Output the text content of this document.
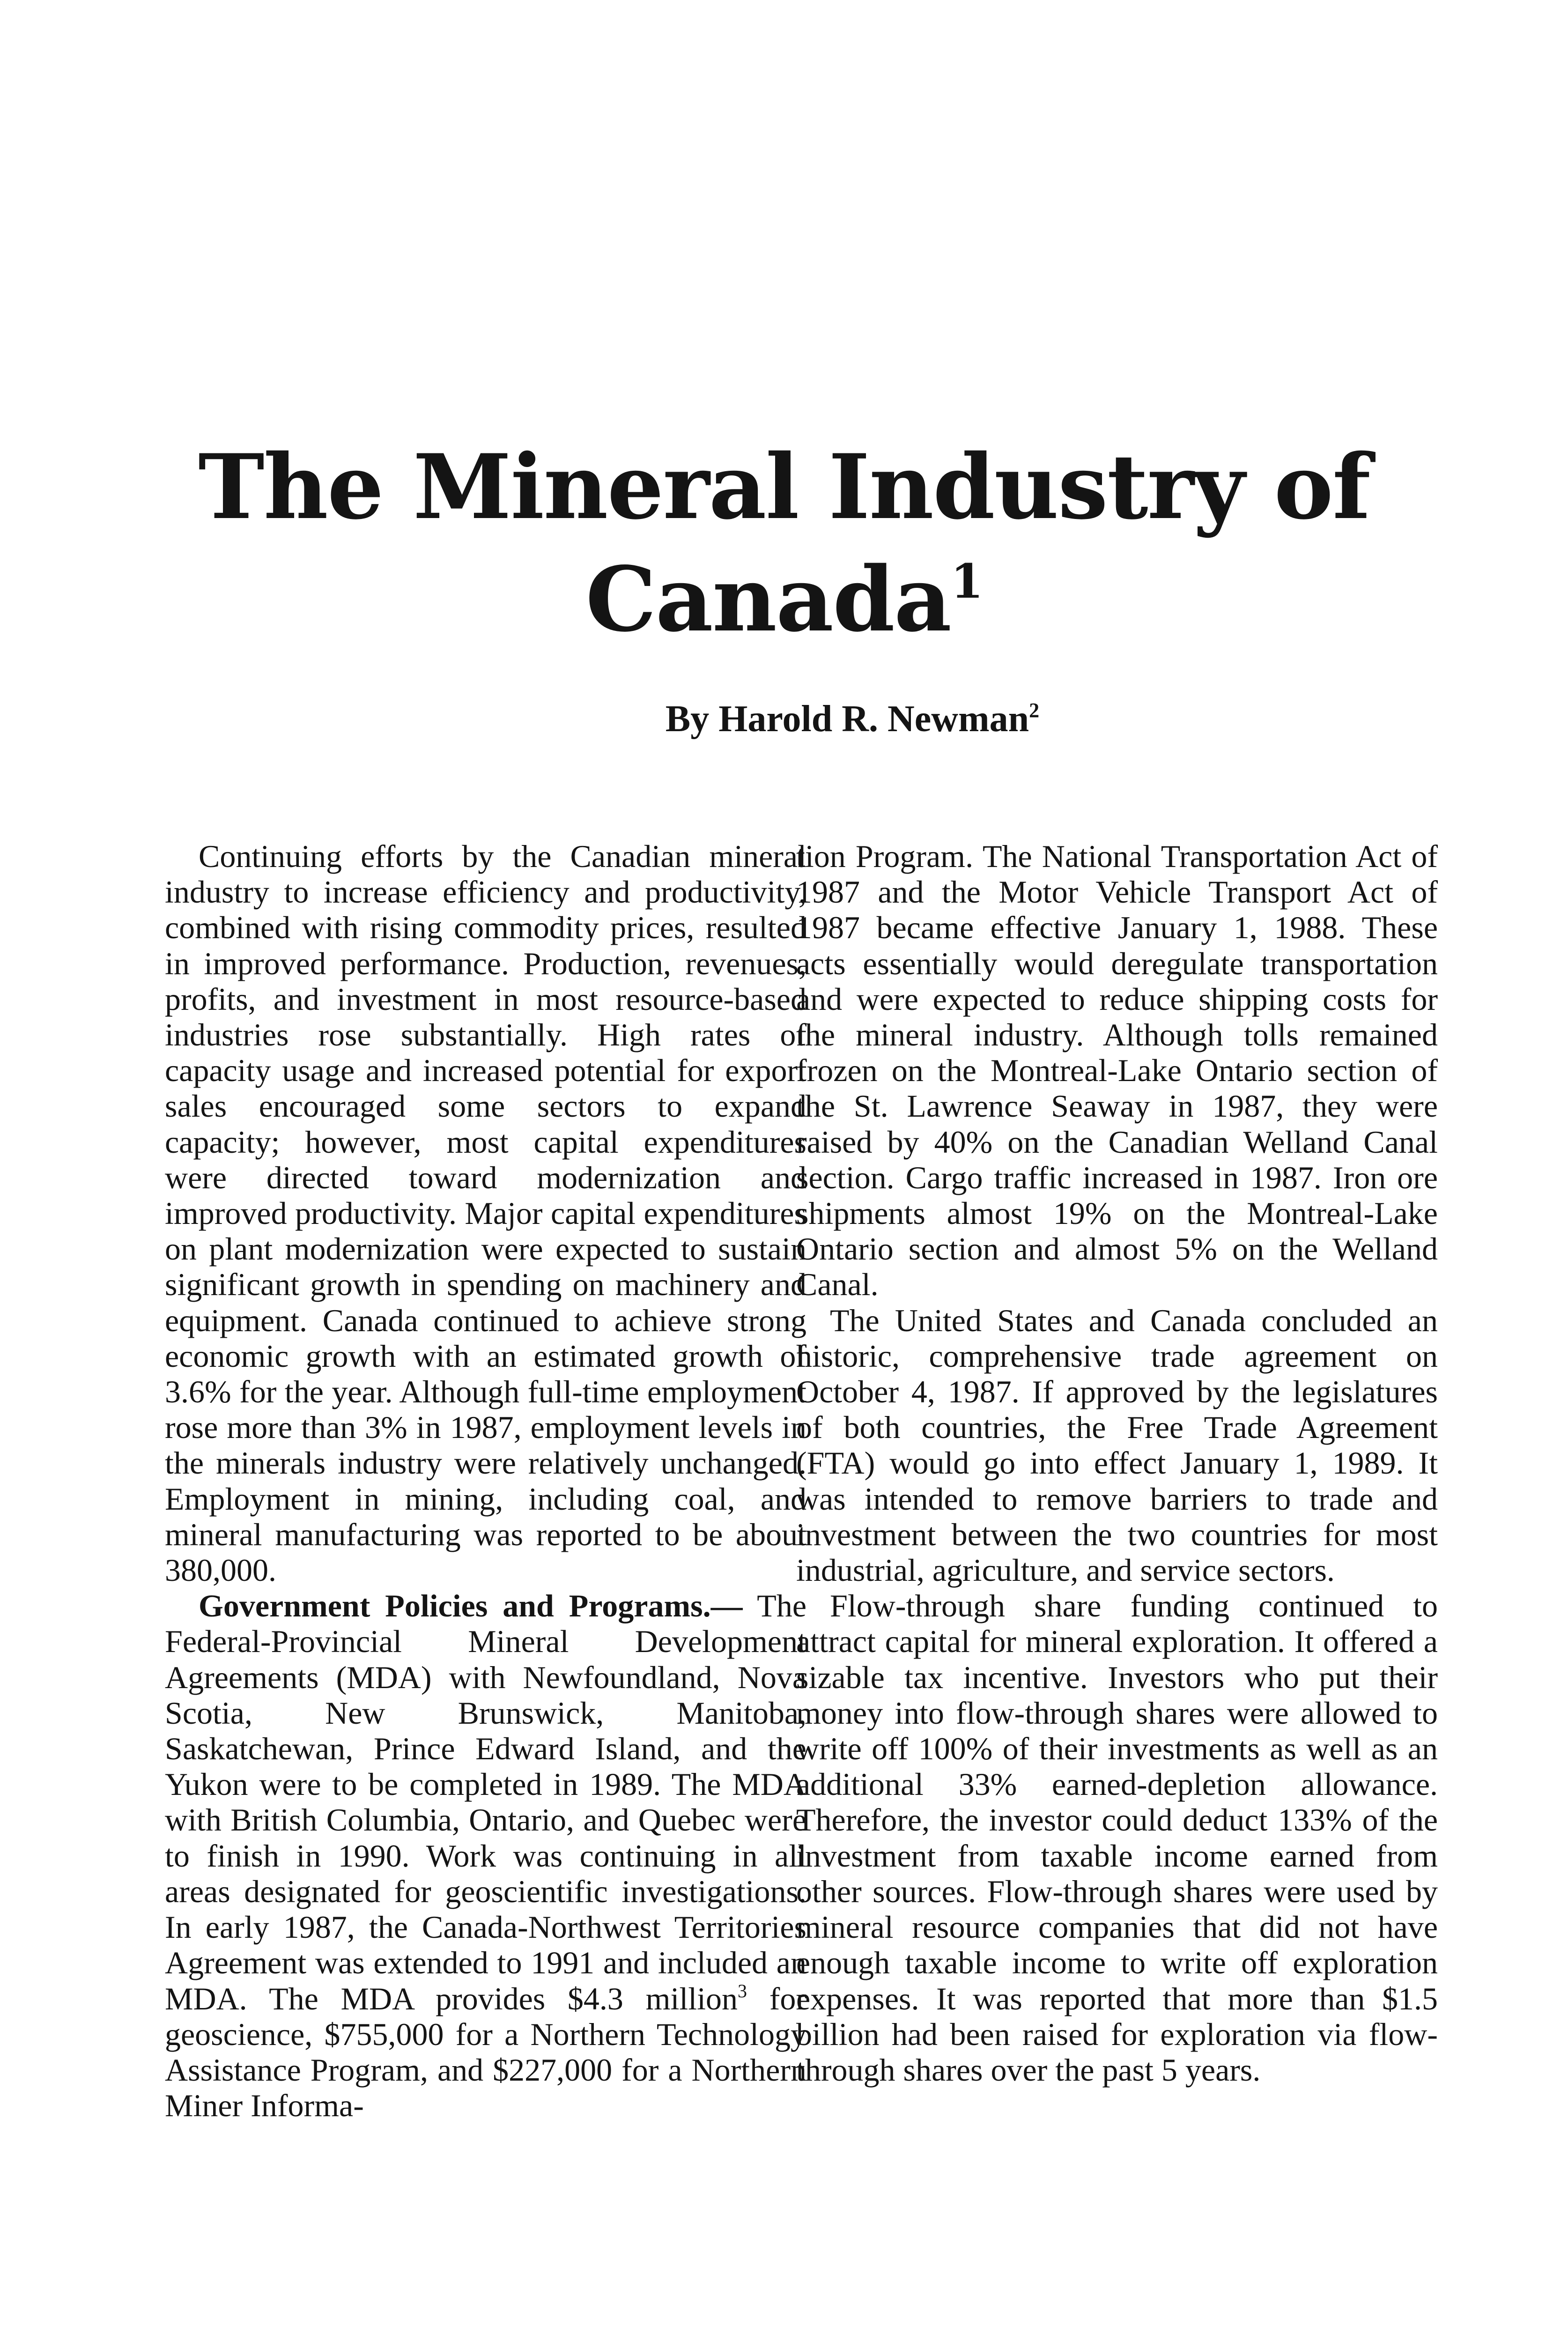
The Mineral Industry of
Canada$^1$

By Harold R. Newman$^2$

Continuing efforts by the Canadian mineral industry to increase efficiency and productivity, combined with rising commodity prices, resulted in improved performance. Production, revenues, profits, and investment in most resource-based industries rose substantially. High rates of capacity usage and increased potential for export sales encouraged some sectors to expand capacity; however, most capital expenditures were directed toward modernization and improved productivity. Major capital expenditures on plant modernization were expected to sustain significant growth in spending on machinery and equipment. Canada continued to achieve strong economic growth with an estimated growth of 3.6% for the year. Although full-time employment rose more than 3% in 1987, employment levels in the minerals industry were relatively unchanged. Employment in mining, including coal, and mineral manufacturing was reported to be about 380,000.

Government Policies and Programs.— The Federal-Provincial Mineral Development Agreements (MDA) with Newfoundland, Nova Scotia, New Brunswick, Manitoba, Saskatchewan, Prince Edward Island, and the Yukon were to be completed in 1989. The MDA with British Columbia, Ontario, and Quebec were to finish in 1990. Work was continuing in all areas designated for geoscientific investigations. In early 1987, the Canada-Northwest Territories Agreement was extended to 1991 and included an MDA. The MDA provides $4.3 million$^3$ for geoscience, $755,000 for a Northern Technology Assistance Program, and $227,000 for a Northern Miner Informa-

tion Program. The National Transportation Act of 1987 and the Motor Vehicle Transport Act of 1987 became effective January 1, 1988. These acts essentially would deregulate transportation and were expected to reduce shipping costs for the mineral industry. Although tolls remained frozen on the Montreal-Lake Ontario section of the St. Lawrence Seaway in 1987, they were raised by 40% on the Canadian Welland Canal section. Cargo traffic increased in 1987. Iron ore shipments almost 19% on the Montreal-Lake Ontario section and almost 5% on the Welland Canal.

The United States and Canada concluded an historic, comprehensive trade agreement on October 4, 1987. If approved by the legislatures of both countries, the Free Trade Agreement (FTA) would go into effect January 1, 1989. It was intended to remove barriers to trade and investment between the two countries for most industrial, agriculture, and service sectors.

Flow-through share funding continued to attract capital for mineral exploration. It offered a sizable tax incentive. Investors who put their money into flow-through shares were allowed to write off 100% of their investments as well as an additional 33% earned-depletion allowance. Therefore, the investor could deduct 133% of the investment from taxable income earned from other sources. Flow-through shares were used by mineral resource companies that did not have enough taxable income to write off exploration expenses. It was reported that more than $1.5 billion had been raised for exploration via flow-through shares over the past 5 years.
